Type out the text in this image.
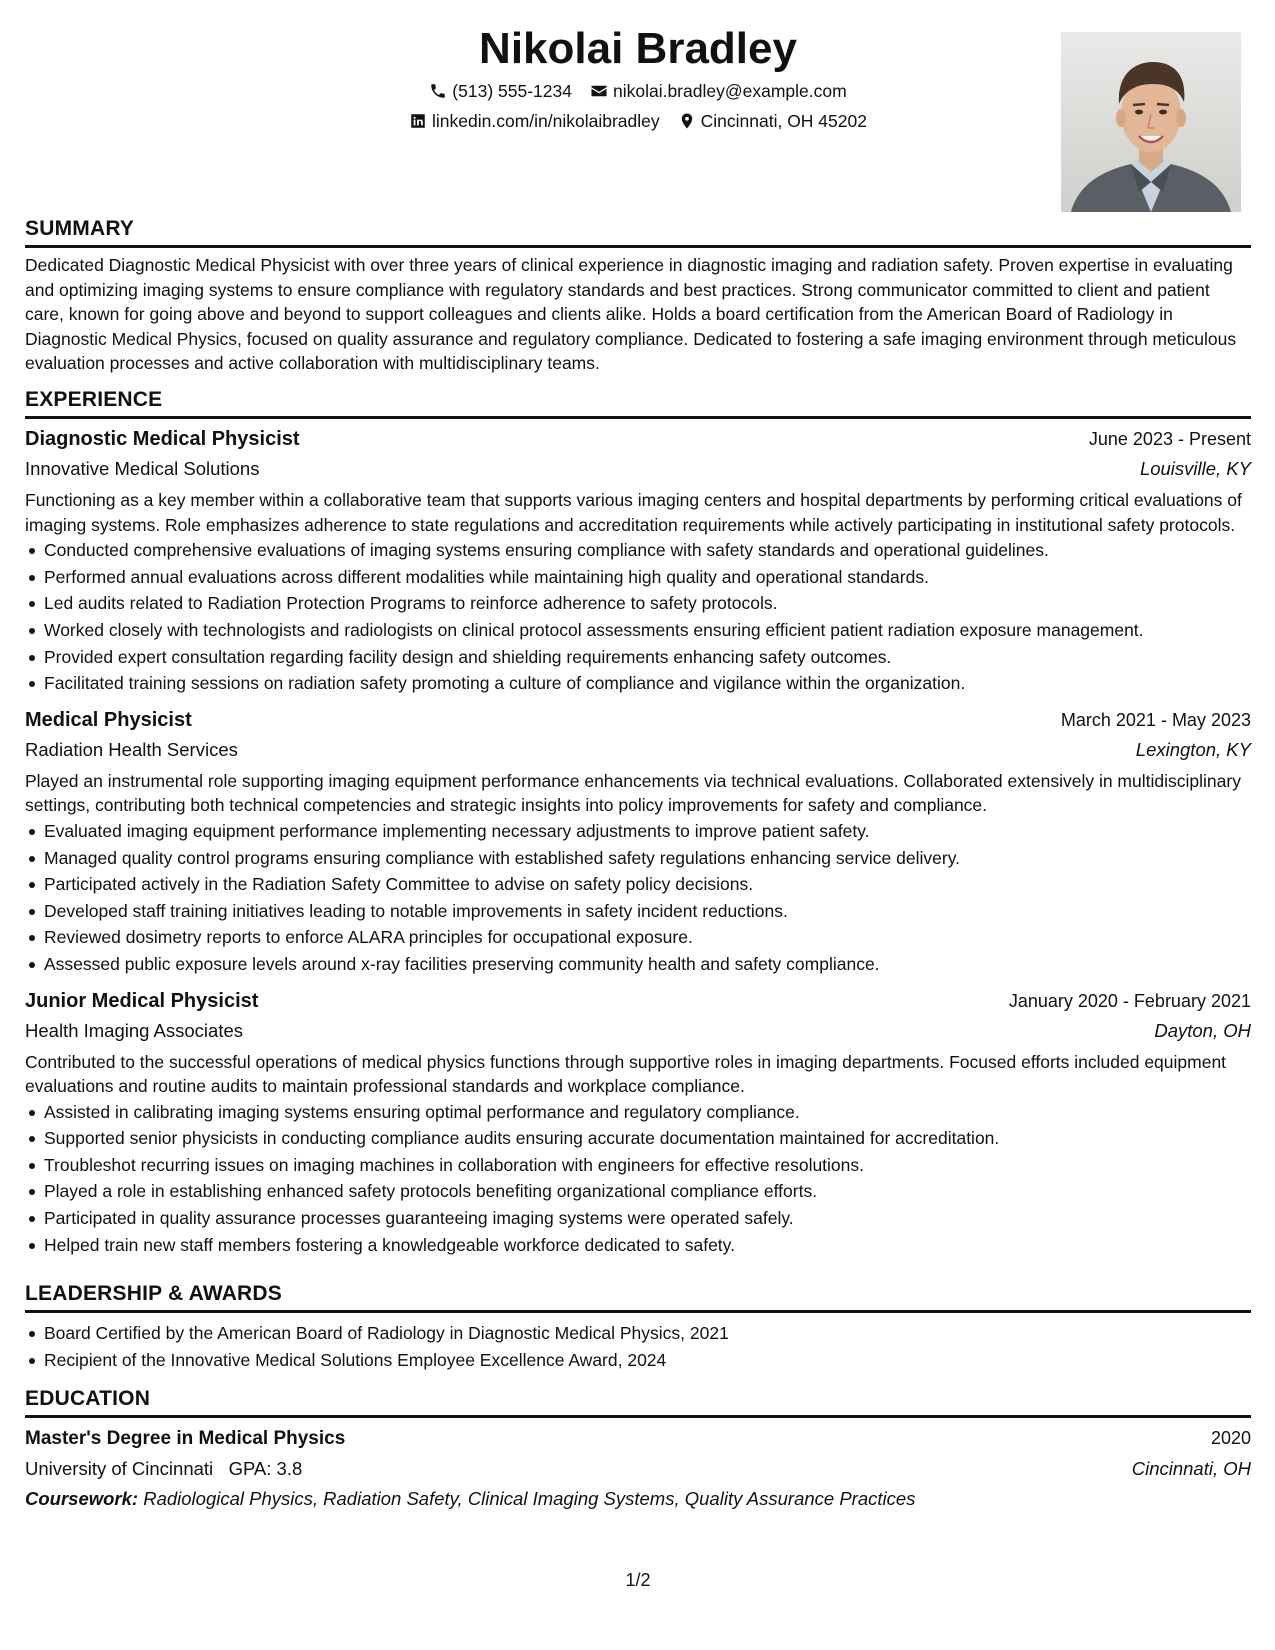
Nikolai Bradley
(513) 555-1234 nikolai.bradley@example.com
linkedin.com/in/nikolaibradley Cincinnati, OH 45202
SUMMARY
Dedicated Diagnostic Medical Physicist with over three years of clinical experience in diagnostic imaging and radiation safety. Proven expertise in evaluating and optimizing imaging systems to ensure compliance with regulatory standards and best practices. Strong communicator committed to client and patient care, known for going above and beyond to support colleagues and clients alike. Holds a board certification from the American Board of Radiology in Diagnostic Medical Physics, focused on quality assurance and regulatory compliance. Dedicated to fostering a safe imaging environment through meticulous evaluation processes and active collaboration with multidisciplinary teams.
EXPERIENCE
Diagnostic Medical Physicist	June 2023 - Present
Innovative Medical Solutions	Louisville, KY
Functioning as a key member within a collaborative team that supports various imaging centers and hospital departments by performing critical evaluations of imaging systems. Role emphasizes adherence to state regulations and accreditation requirements while actively participating in institutional safety protocols.
Conducted comprehensive evaluations of imaging systems ensuring compliance with safety standards and operational guidelines.
Performed annual evaluations across different modalities while maintaining high quality and operational standards.
Led audits related to Radiation Protection Programs to reinforce adherence to safety protocols.
Worked closely with technologists and radiologists on clinical protocol assessments ensuring efficient patient radiation exposure management.
Provided expert consultation regarding facility design and shielding requirements enhancing safety outcomes.
Facilitated training sessions on radiation safety promoting a culture of compliance and vigilance within the organization.
Medical Physicist	March 2021 - May 2023
Radiation Health Services	Lexington, KY
Played an instrumental role supporting imaging equipment performance enhancements via technical evaluations. Collaborated extensively in multidisciplinary settings, contributing both technical competencies and strategic insights into policy improvements for safety and compliance.
Evaluated imaging equipment performance implementing necessary adjustments to improve patient safety.
Managed quality control programs ensuring compliance with established safety regulations enhancing service delivery.
Participated actively in the Radiation Safety Committee to advise on safety policy decisions.
Developed staff training initiatives leading to notable improvements in safety incident reductions.
Reviewed dosimetry reports to enforce ALARA principles for occupational exposure.
Assessed public exposure levels around x-ray facilities preserving community health and safety compliance.
Junior Medical Physicist	January 2020 - February 2021
Health Imaging Associates	Dayton, OH
Contributed to the successful operations of medical physics functions through supportive roles in imaging departments. Focused efforts included equipment evaluations and routine audits to maintain professional standards and workplace compliance.
Assisted in calibrating imaging systems ensuring optimal performance and regulatory compliance.
Supported senior physicists in conducting compliance audits ensuring accurate documentation maintained for accreditation.
Troubleshot recurring issues on imaging machines in collaboration with engineers for effective resolutions.
Played a role in establishing enhanced safety protocols benefiting organizational compliance efforts.
Participated in quality assurance processes guaranteeing imaging systems were operated safely.
Helped train new staff members fostering a knowledgeable workforce dedicated to safety.
LEADERSHIP & AWARDS
Board Certified by the American Board of Radiology in Diagnostic Medical Physics, 2021
Recipient of the Innovative Medical Solutions Employee Excellence Award, 2024
EDUCATION
Master's Degree in Medical Physics	2020
University of Cincinnati GPA: 3.8	Cincinnati, OH
Coursework: Radiological Physics, Radiation Safety, Clinical Imaging Systems, Quality Assurance Practices
1/2
